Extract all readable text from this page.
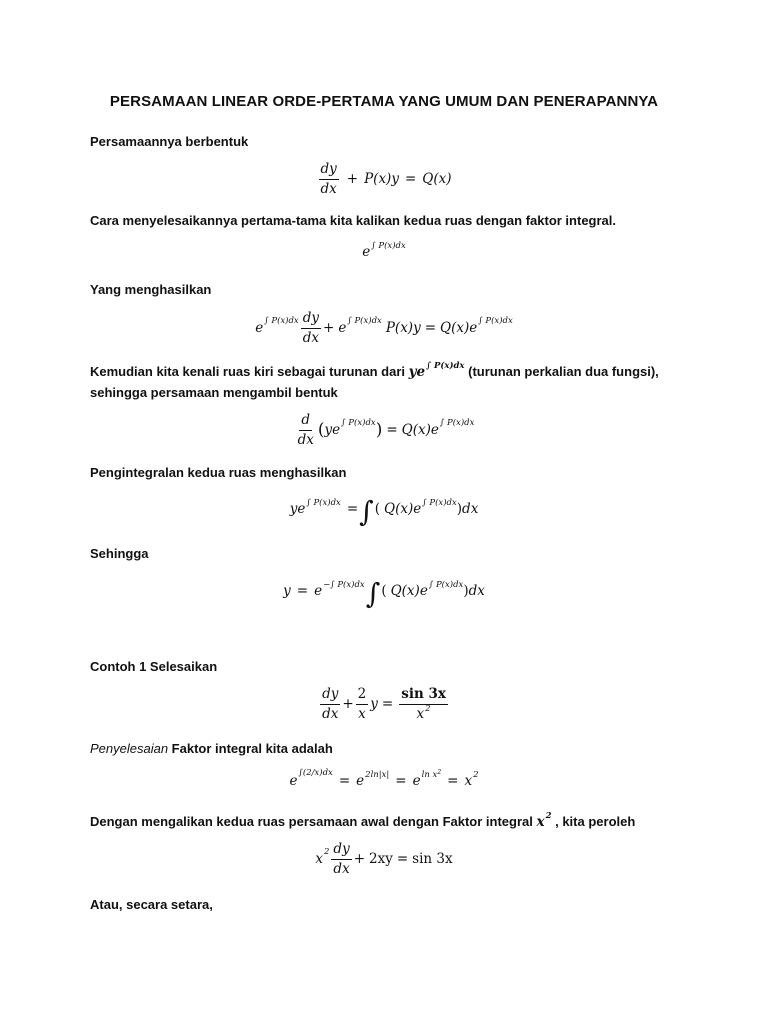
PERSAMAAN LINEAR ORDE-PERTAMA YANG UMUM DAN PENERAPANNYA
Persamaannya berbentuk
$\frac{dy}{dx} + P(x) y = Q(x)$
Cara menyelesaikannya pertama-tama kita kalikan kedua ruas dengan faktor integral.
$e^{\int P(x)dx}$
Yang menghasilkan
$e^{\int P(x)dx} \frac{dy}{dx} + e^{\int P(x)dx}$ P(x) y = Q(x) $e^{\int P(x)dx}$
Kemudian kita kenali ruas kiri sebagai turunan dari y $e^{\int P(x)dx}$ (turunan perkalian dua fungsi), sehingga persamaan mengambil bentuk
$\frac{d}{dx}$ ( y $e^{\int P(x)dx}$ ) = Q(x) $e^{\int P(x)dx}$
Pengintegralan kedua ruas menghasilkan
y $e^{\int P(x)dx}$ = ∫ ( Q(x) $e^{\int P(x)dx}$ ) dx
Sehingga
$y = e^{-\int P(x)dx}$ ∫ ( Q(x) $e^{\int P(x)dx}$ ) dx
Contoh 1 Selesaikan
$\frac{dy}{dx} + \frac{2}{x}$ $y = \frac{\sin 3x}{x^2}$
Penyelesaian Faktor integral kita adalah
e
$^{\int(2/x)dx}$
= $e^{2ln|x|} = e$ $^{ln x^2}$
= $x^2$
Dengan mengalikan kedua ruas persamaan awal dengan Faktor integral $x^2$ , kita peroleh
$x^2 \frac{dy}{dx} + 2xy = \sin 3x$
Atau, secara setara,
